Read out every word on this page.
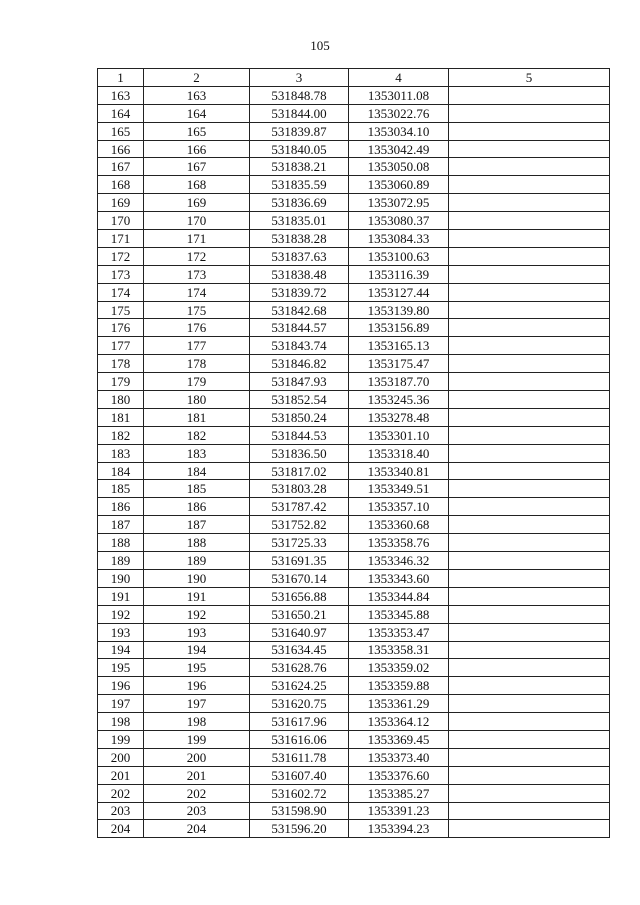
105
1	2	3	4	5
163	163	531848.78	1353011.08	
164	164	531844.00	1353022.76	
165	165	531839.87	1353034.10	
166	166	531840.05	1353042.49	
167	167	531838.21	1353050.08	
168	168	531835.59	1353060.89	
169	169	531836.69	1353072.95	
170	170	531835.01	1353080.37	
171	171	531838.28	1353084.33	
172	172	531837.63	1353100.63	
173	173	531838.48	1353116.39	
174	174	531839.72	1353127.44	
175	175	531842.68	1353139.80	
176	176	531844.57	1353156.89	
177	177	531843.74	1353165.13	
178	178	531846.82	1353175.47	
179	179	531847.93	1353187.70	
180	180	531852.54	1353245.36	
181	181	531850.24	1353278.48	
182	182	531844.53	1353301.10	
183	183	531836.50	1353318.40	
184	184	531817.02	1353340.81	
185	185	531803.28	1353349.51	
186	186	531787.42	1353357.10	
187	187	531752.82	1353360.68	
188	188	531725.33	1353358.76	
189	189	531691.35	1353346.32	
190	190	531670.14	1353343.60	
191	191	531656.88	1353344.84	
192	192	531650.21	1353345.88	
193	193	531640.97	1353353.47	
194	194	531634.45	1353358.31	
195	195	531628.76	1353359.02	
196	196	531624.25	1353359.88	
197	197	531620.75	1353361.29	
198	198	531617.96	1353364.12	
199	199	531616.06	1353369.45	
200	200	531611.78	1353373.40	
201	201	531607.40	1353376.60	
202	202	531602.72	1353385.27	
203	203	531598.90	1353391.23	
204	204	531596.20	1353394.23	
